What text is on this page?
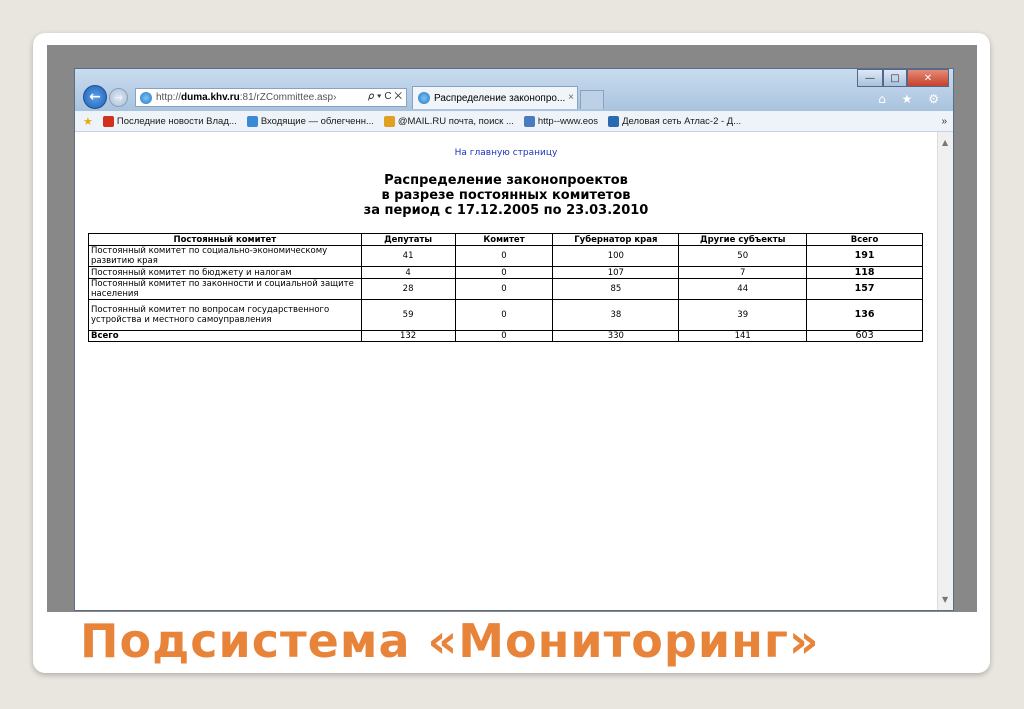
← →	http://duma.khv.ru:81/rZCommittee.asp›	𝜌 ▾ C ✕	Распределение законопро... ×
—	□	✕
⌂ ★ ⚙
★	Последние новости Влад...	Входящие — облегченн...	@MAIL.RU почта, поиск ...	http--www.eos	Деловая сеть Атлас-2 - Д...	»
На главную страницу
Распределение законопроектов
в разрезе постоянных комитетов
за период с 17.12.2005 по 23.03.2010
Постоянный комитет	Депутаты	Комитет	Губернатор края	Другие субъекты	Всего
Постоянный комитет по социально-экономическому развитию края	41	0	100	50	191
Постоянный комитет по бюджету и налогам	4	0	107	7	118
Постоянный комитет по законности и социальной защите населения	28	0	85	44	157
Постоянный комитет по вопросам государственного устройства и местного самоуправления	59	0	38	39	136
Всего	132	0	330	141	603
▲
▼
Подсистема «Мониторинг»
